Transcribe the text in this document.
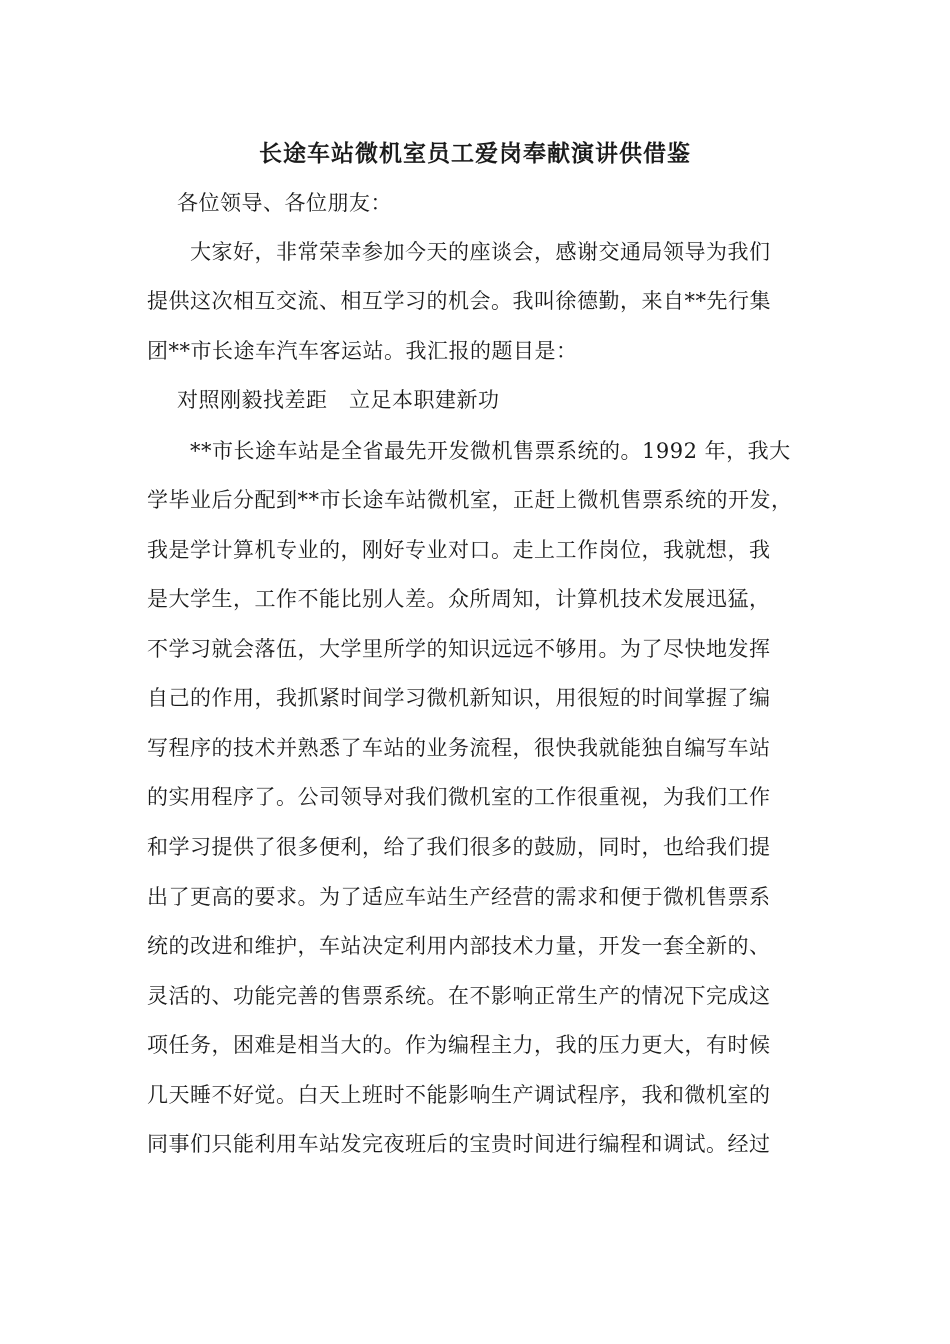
长途车站微机室员工爱岗奉献演讲供借鉴
各位领导、各位朋友：
大家好，非常荣幸参加今天的座谈会，感谢交通局领导为我们
提供这次相互交流、相互学习的机会。我叫徐德勤，来自**先行集
团**市长途车汽车客运站。我汇报的题目是：
对照刚毅找差距　立足本职建新功
**市长途车站是全省最先开发微机售票系统的。1992 年，我大
学毕业后分配到**市长途车站微机室，正赶上微机售票系统的开发，
我是学计算机专业的，刚好专业对口。走上工作岗位，我就想，我
是大学生，工作不能比别人差。众所周知，计算机技术发展迅猛，
不学习就会落伍，大学里所学的知识远远不够用。为了尽快地发挥
自己的作用，我抓紧时间学习微机新知识，用很短的时间掌握了编
写程序的技术并熟悉了车站的业务流程，很快我就能独自编写车站
的实用程序了。公司领导对我们微机室的工作很重视，为我们工作
和学习提供了很多便利，给了我们很多的鼓励，同时，也给我们提
出了更高的要求。为了适应车站生产经营的需求和便于微机售票系
统的改进和维护，车站决定利用内部技术力量，开发一套全新的、
灵活的、功能完善的售票系统。在不影响正常生产的情况下完成这
项任务，困难是相当大的。作为编程主力，我的压力更大，有时候
几天睡不好觉。白天上班时不能影响生产调试程序，我和微机室的
同事们只能利用车站发完夜班后的宝贵时间进行编程和调试。经过
